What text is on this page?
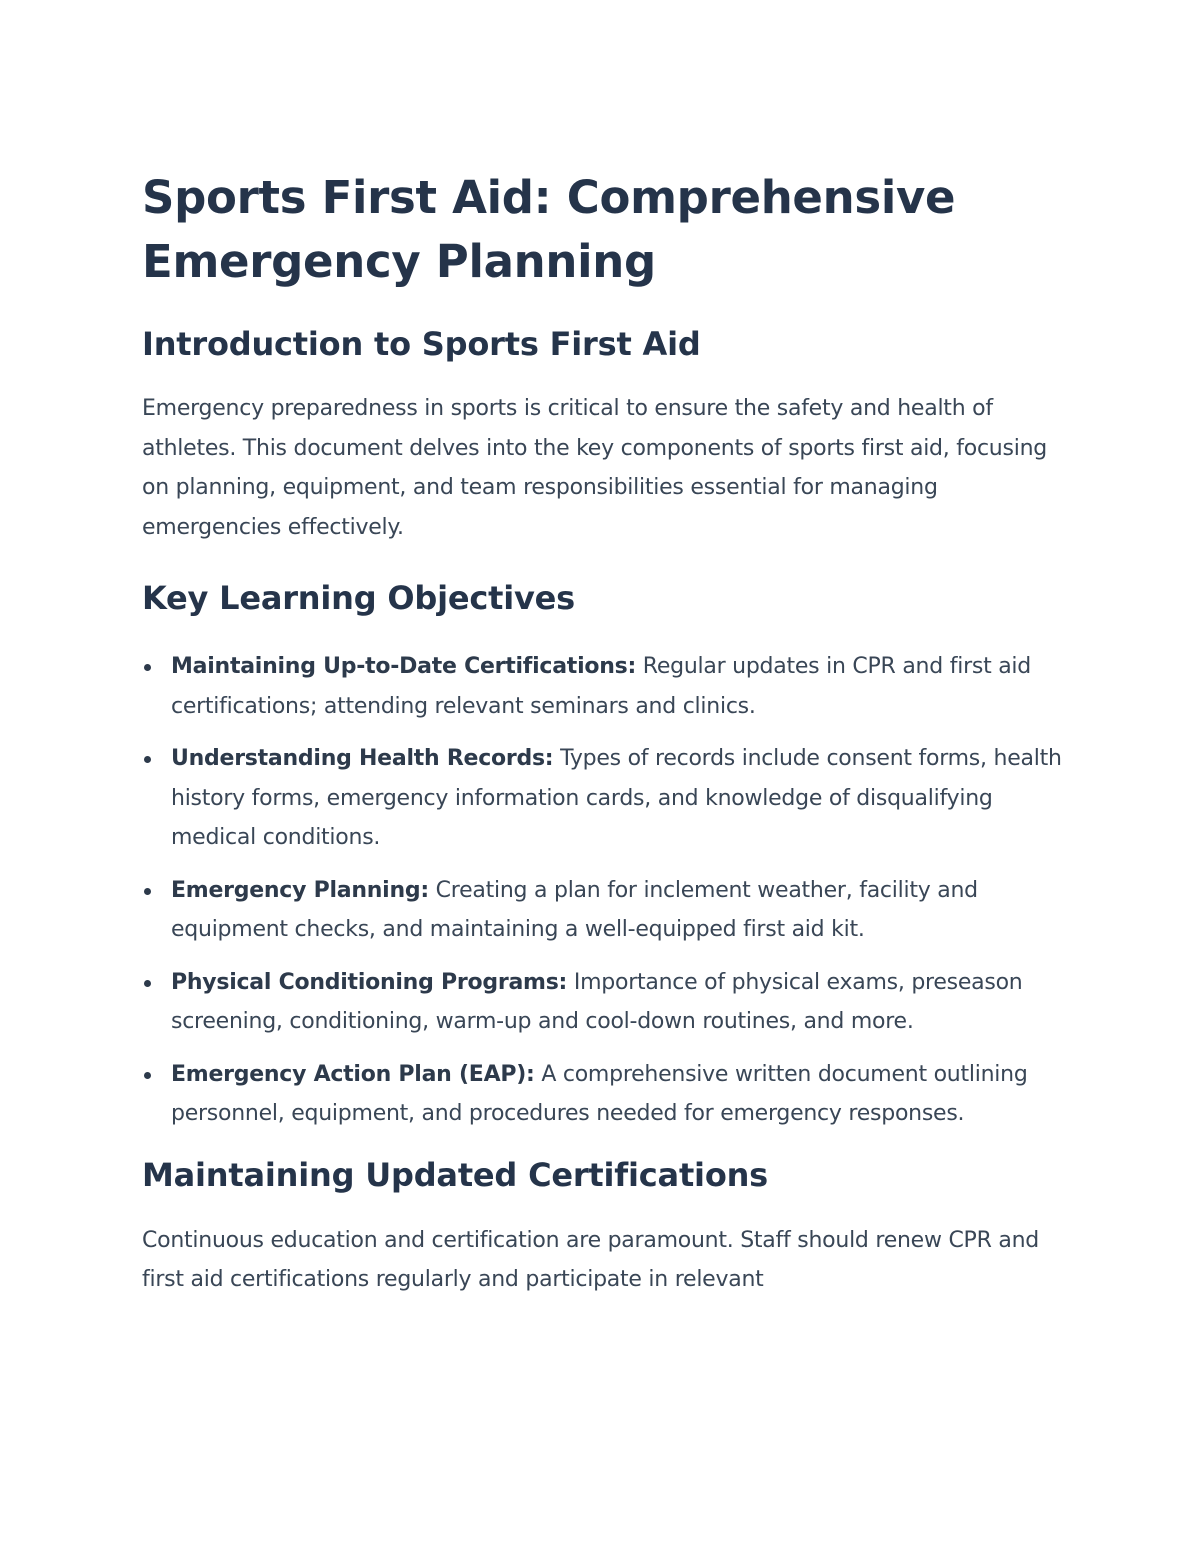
Sports First Aid: Comprehensive Emergency Planning
Introduction to Sports First Aid

Emergency preparedness in sports is critical to ensure the safety and health of athletes. This document delves into the key components of sports first aid, focusing on planning, equipment, and team responsibilities essential for managing emergencies effectively.

Key Learning Objectives
Maintaining Up-to-Date Certifications: Regular updates in CPR and first aid certifications; attending relevant seminars and clinics.
Understanding Health Records: Types of records include consent forms, health history forms, emergency information cards, and knowledge of disqualifying medical conditions.
Emergency Planning: Creating a plan for inclement weather, facility and equipment checks, and maintaining a well-equipped first aid kit.
Physical Conditioning Programs: Importance of physical exams, preseason screening, conditioning, warm-up and cool-down routines, and more.
Emergency Action Plan (EAP): A comprehensive written document outlining personnel, equipment, and procedures needed for emergency responses.
Maintaining Updated Certifications

Continuous education and certification are paramount. Staff should renew CPR and first aid certifications regularly and participate in relevant
